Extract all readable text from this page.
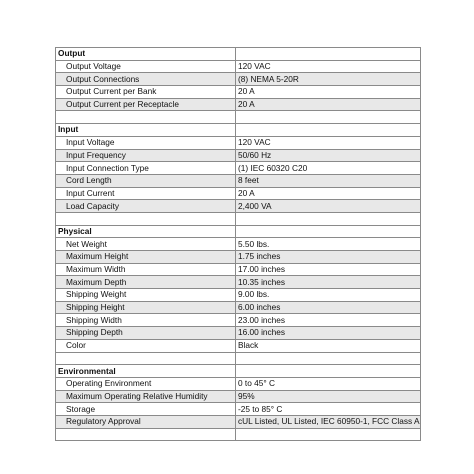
Output	
Output Voltage	120 VAC
Output Connections	(8) NEMA 5-20R
Output Current per Bank	20 A
Output Current per Receptacle	20 A

Input	
Input Voltage	120 VAC
Input Frequency	50/60 Hz
Input Connection Type	(1) IEC 60320 C20
Cord Length	8 feet
Input Current	20 A
Load Capacity	2,400 VA

Physical	
Net Weight	5.50 lbs.
Maximum Height	1.75 inches
Maximum Width	17.00 inches
Maximum Depth	10.35 inches
Shipping Weight	9.00 lbs.
Shipping Height	6.00 inches
Shipping Width	23.00 inches
Shipping Depth	16.00 inches
Color	Black

Environmental	
Operating Environment	0 to 45° C
Maximum Operating Relative Humidity	95%
Storage	-25 to 85° C
Regulatory Approval	cUL Listed, UL Listed, IEC 60950-1, FCC Class A
